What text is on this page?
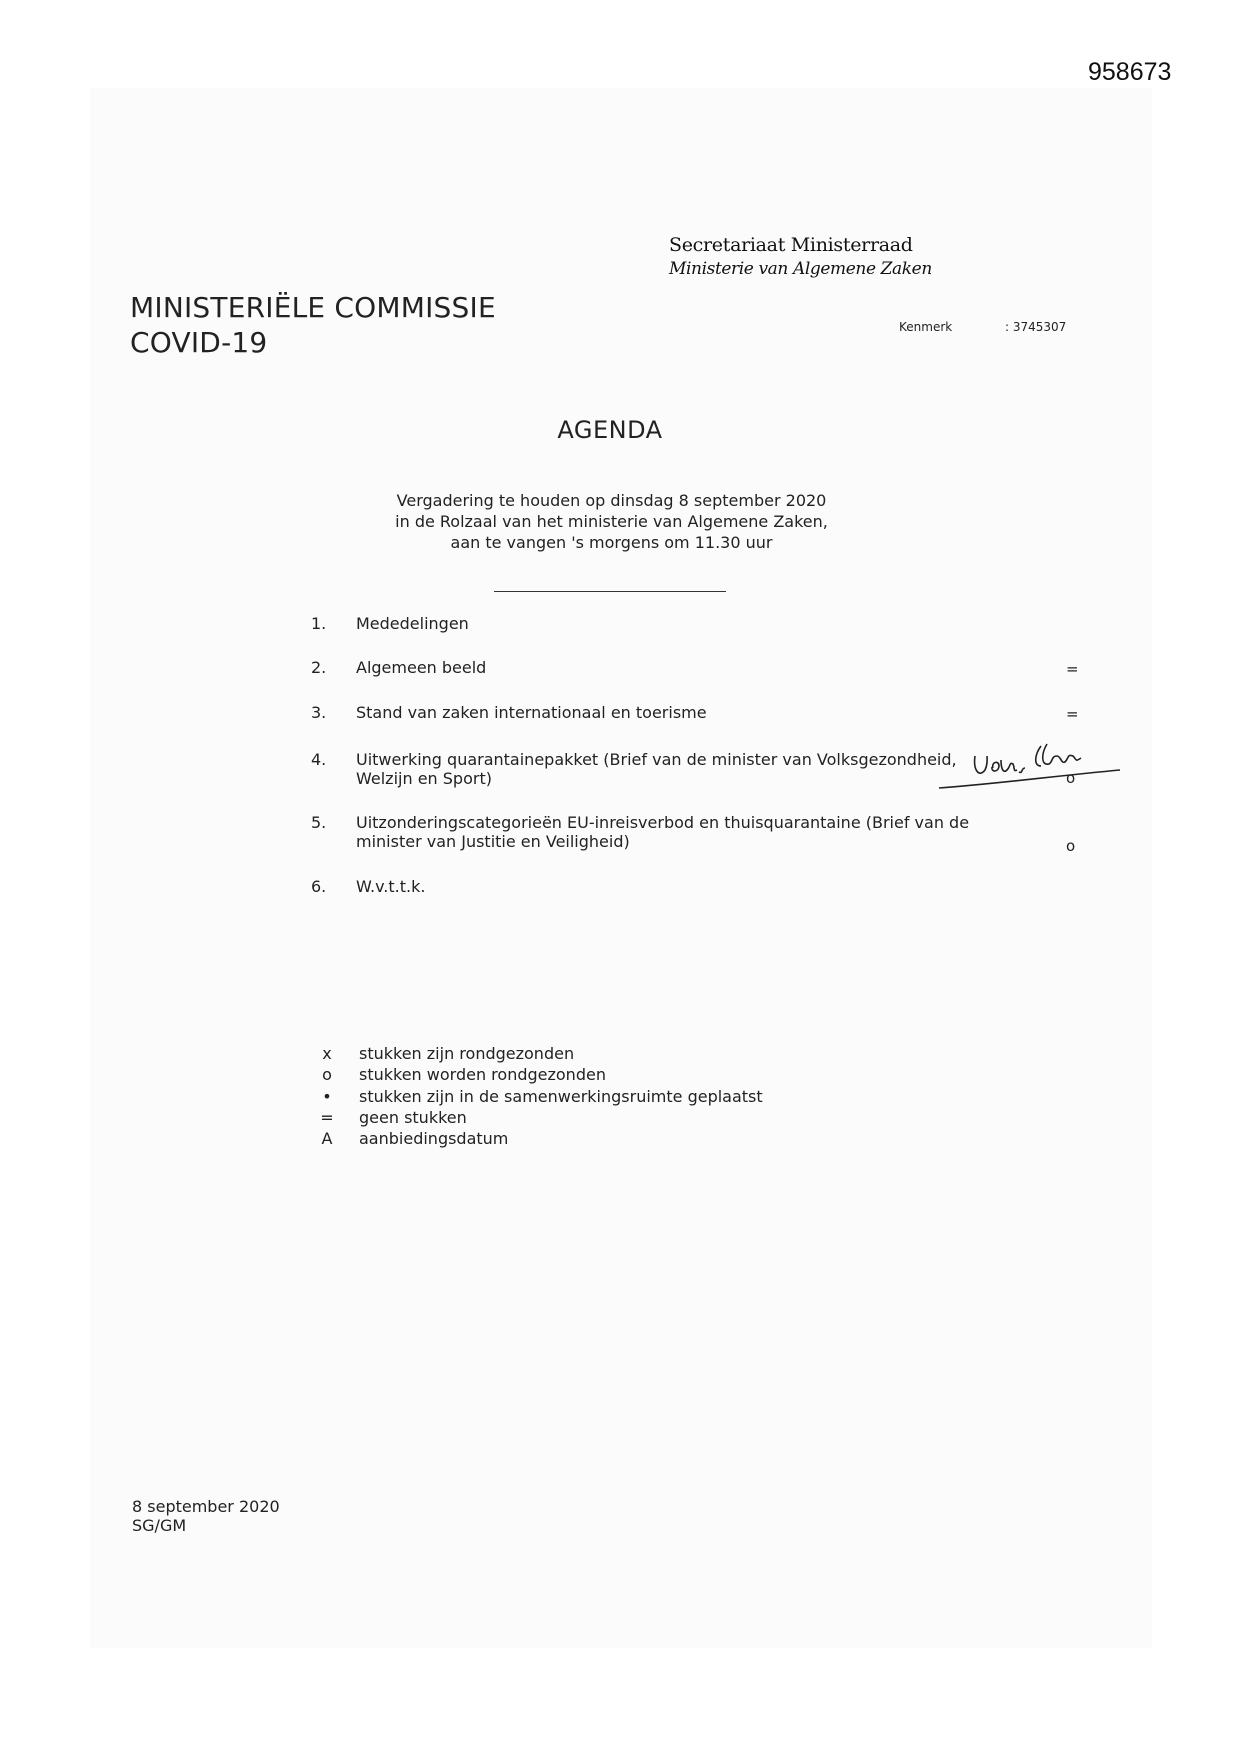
958673
Secretariaat Ministerraad
Ministerie van Algemene Zaken
MINISTERIËLE COMMISSIE
COVID-19	Kenmerk	: 3745307
AGENDA
Vergadering te houden op dinsdag 8 september 2020
in de Rolzaal van het ministerie van Algemene Zaken,
aan te vangen 's morgens om 11.30 uur
1. Mededelingen
2. Algemeen beeld	=
3. Stand van zaken internationaal en toerisme	=
4. Uitwerking quarantainepakket (Brief van de minister van Volksgezondheid,
Welzijn en Sport)	o
5. Uitzonderingscategorieën EU-inreisverbod en thuisquarantaine (Brief van de
minister van Justitie en Veiligheid)	o
6. W.v.t.t.k.
x stukken zijn rondgezonden
o stukken worden rondgezonden
• stukken zijn in de samenwerkingsruimte geplaatst
= geen stukken
A aanbiedingsdatum
8 september 2020
SG/GM
